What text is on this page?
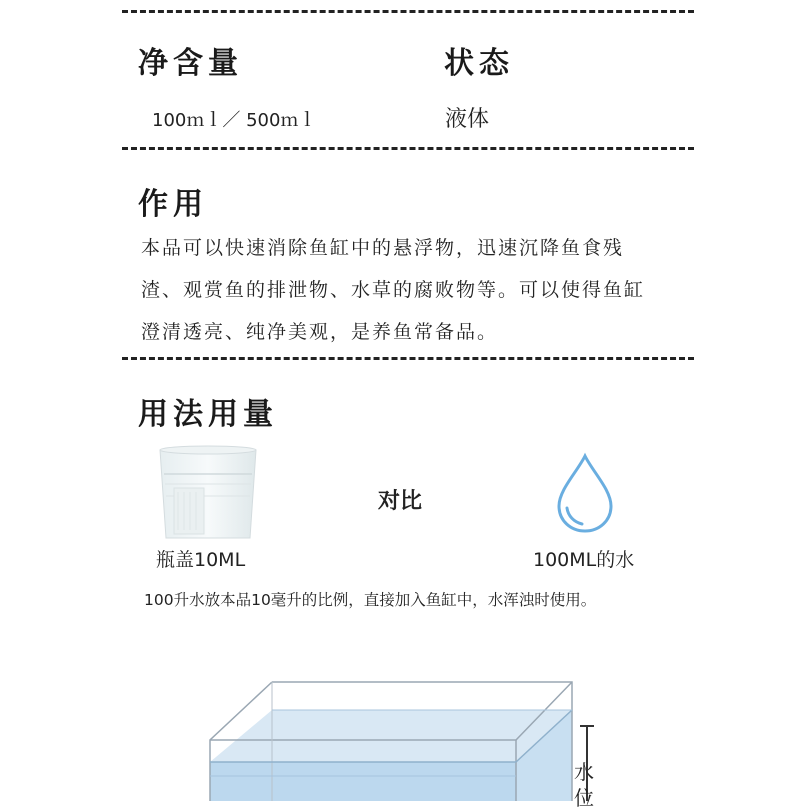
净含量	状态
100ｍｌ／ 500ｍｌ	液体
作用
本品可以快速消除鱼缸中的悬浮物，迅速沉降鱼食残
渣、观赏鱼的排泄物、水草的腐败物等。可以使得鱼缸
澄清透亮、纯净美观，是养鱼常备品。
用法用量
对比
瓶盖10ML	100ML的水
100升水放本品10毫升的比例，直接加入鱼缸中，水浑浊时使用。
水
位
